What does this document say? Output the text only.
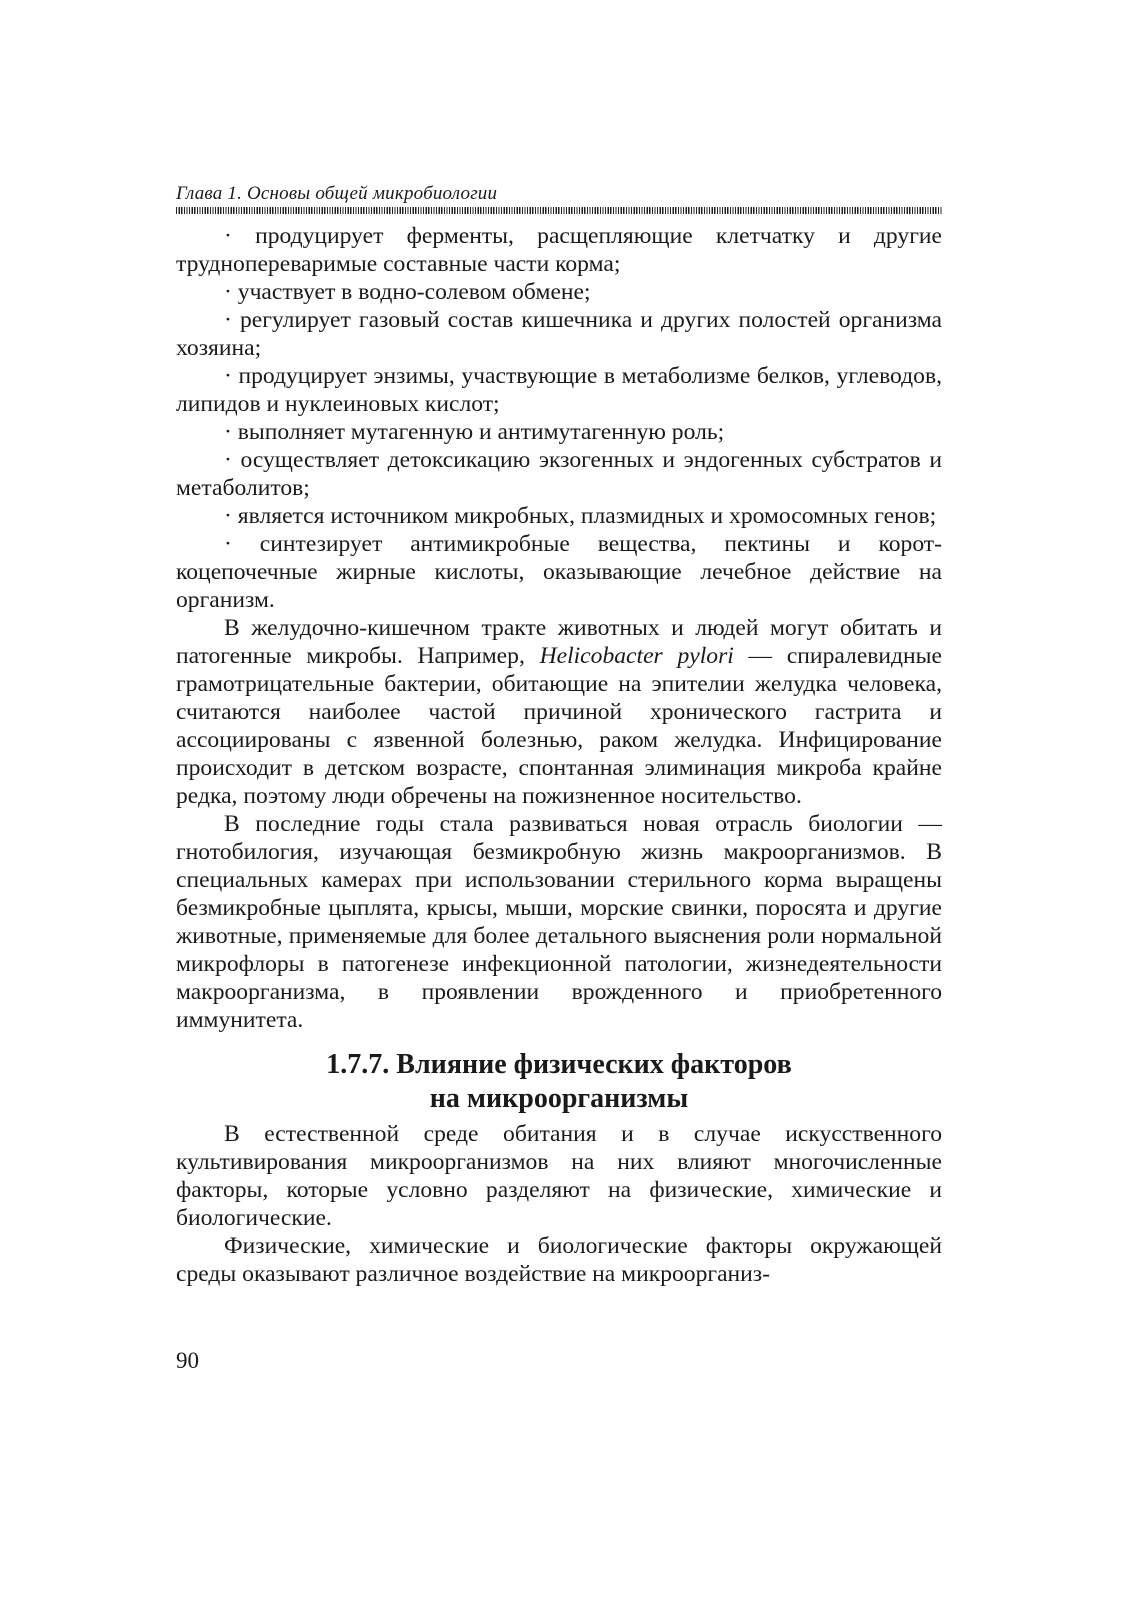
Глава 1. Основы общей микробиологии

· продуцирует ферменты, расщепляющие клетчатку и другие труднопереваримые составные части корма;

· участвует в водно-солевом обмене;

· регулирует газовый состав кишечника и других полостей организма хозяина;

· продуцирует энзимы, участвующие в метаболизме белков, углеводов, липидов и нуклеиновых кислот;

· выполняет мутагенную и антимутагенную роль;

· осуществляет детоксикацию экзогенных и эндогенных субстратов и метаболитов;

· является источником микробных, плазмидных и хромосомных генов;

· синтезирует антимикробные вещества, пектины и короткоцепочечные жирные кислоты, оказывающие лечебное действие на организм.

В желудочно-кишечном тракте животных и людей могут обитать и патогенные микробы. Например, Helicobacter pylori — спиралевидные грамотрицательные бактерии, обитающие на эпителии желудка человека, считаются наиболее частой причиной хронического гастрита и ассоциированы с язвенной болезнью, раком желудка. Инфицирование происходит в детском возрасте, спонтанная элиминация микроба крайне редка, поэтому люди обречены на пожизненное носительство.

В последние годы стала развиваться новая отрасль биологии — гнотобилогия, изучающая безмикробную жизнь макроорганизмов. В специальных камерах при использовании стерильного корма выращены безмикробные цыплята, крысы, мыши, морские свинки, поросята и другие животные, применяемые для более детального выяснения роли нормальной микрофлоры в патогенезе инфекционной патологии, жизнедеятельности макроорганизма, в проявлении врожденного и приобретенного иммунитета.

1.7.7. Влияние физических факторов
на микроорганизмы

В естественной среде обитания и в случае искусственного культивирования микроорганизмов на них влияют многочисленные факторы, которые условно разделяют на физические, химические и биологические.

Физические, химические и биологические факторы окружающей среды оказывают различное воздействие на микроорганиз-

90
